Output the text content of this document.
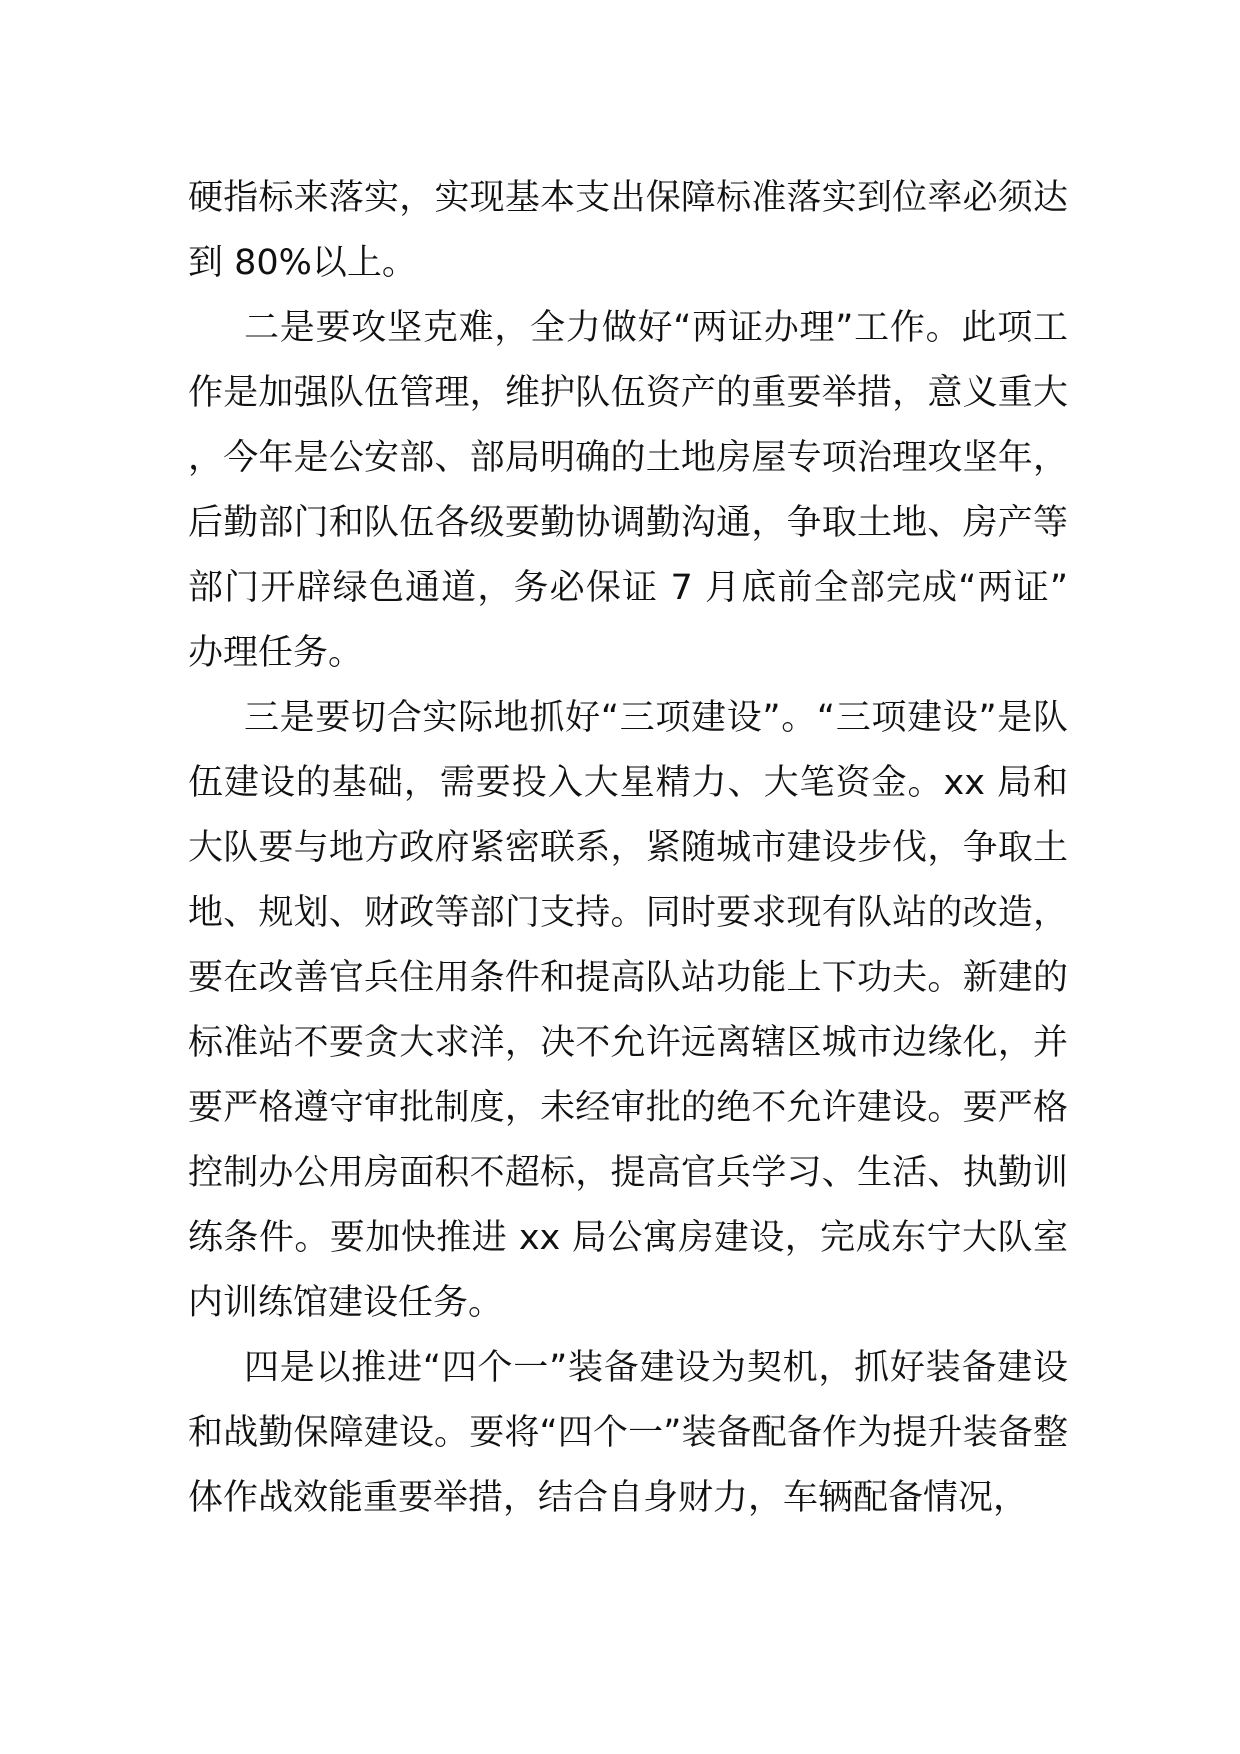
硬指标来落实，实现基本支出保障标准落实到位率必须达到 80%以上。

二是要攻坚克难，全力做好“两证办理”工作。此项工作是加强队伍管理，维护队伍资产的重要举措，意义重大，今年是公安部、部局明确的土地房屋专项治理攻坚年，后勤部门和队伍各级要勤协调勤沟通，争取土地、房产等部门开辟绿色通道，务必保证 7 月底前全部完成“两证”办理任务。

三是要切合实际地抓好“三项建设”。“三项建设”是队伍建设的基础，需要投入大星精力、大笔资金。xx 局和大队要与地方政府紧密联系，紧随城市建设步伐，争取土地、规划、财政等部门支持。同时要求现有队站的改造，要在改善官兵住用条件和提高队站功能上下功夫。新建的标准站不要贪大求洋，决不允许远离辖区城市边缘化，并要严格遵守审批制度，未经审批的绝不允许建设。要严格控制办公用房面积不超标，提高官兵学习、生活、执勤训练条件。要加快推进 xx 局公寓房建设，完成东宁大队室内训练馆建设任务。

四是以推进“四个一”装备建设为契机，抓好装备建设和战勤保障建设。要将“四个一”装备配备作为提升装备整体作战效能重要举措，结合自身财力，车辆配备情况，
